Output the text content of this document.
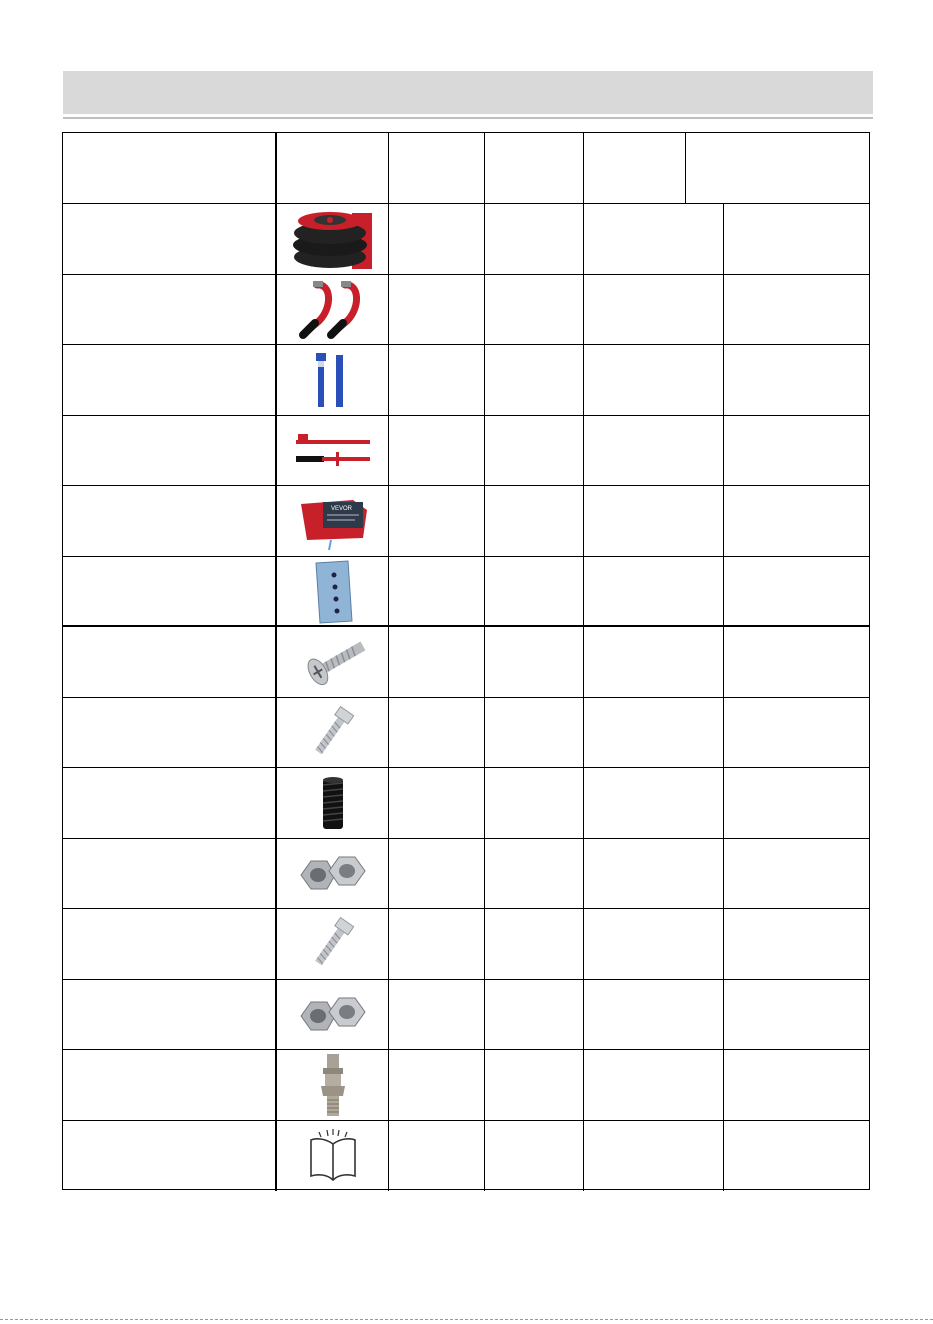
VEVOR
